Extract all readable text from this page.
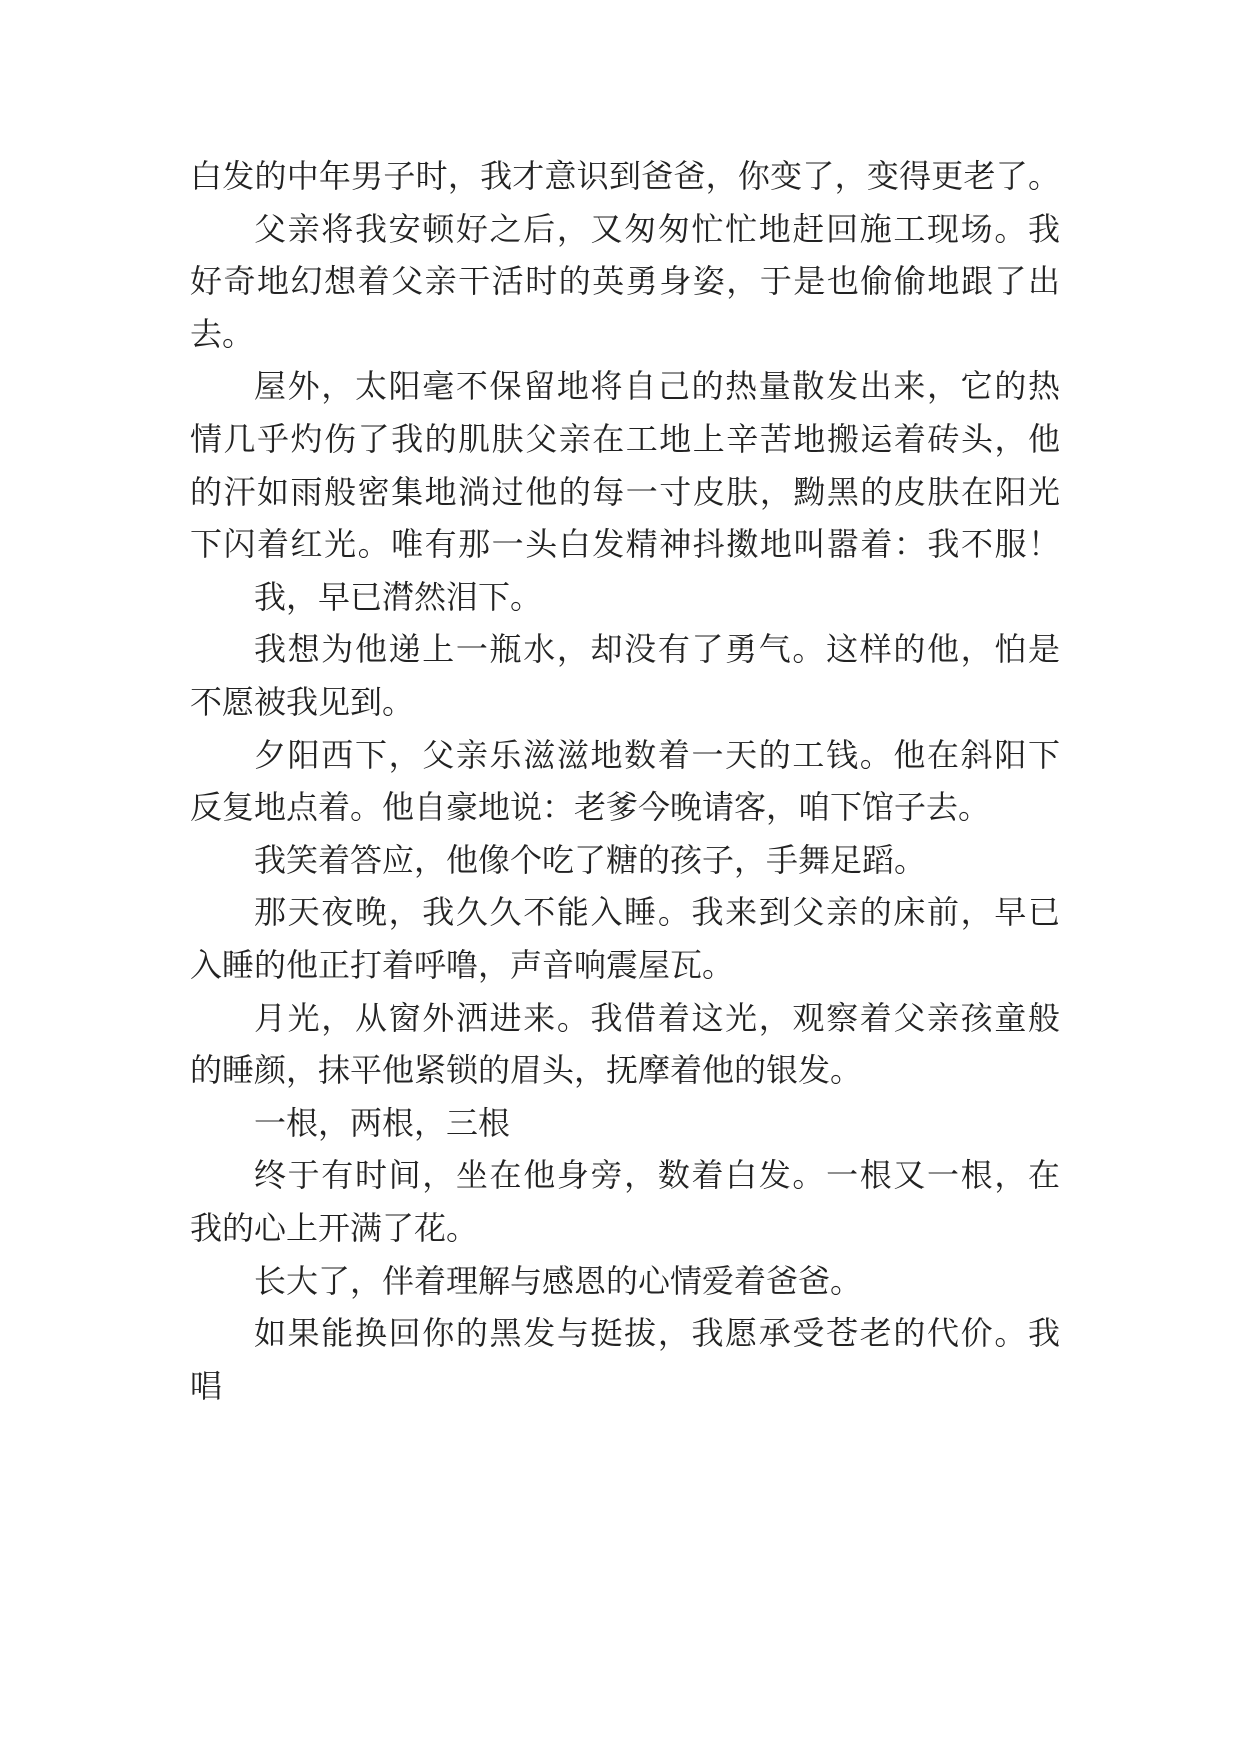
白发的中年男子时，我才意识到爸爸，你变了，变得更老了。
父亲将我安顿好之后，又匆匆忙忙地赶回施工现场。我
好奇地幻想着父亲干活时的英勇身姿，于是也偷偷地跟了出
去。
屋外，太阳毫不保留地将自己的热量散发出来，它的热
情几乎灼伤了我的肌肤父亲在工地上辛苦地搬运着砖头，他
的汗如雨般密集地淌过他的每一寸皮肤，黝黑的皮肤在阳光
下闪着红光。唯有那一头白发精神抖擞地叫嚣着：我不服！
我，早已潸然泪下。
我想为他递上一瓶水，却没有了勇气。这样的他，怕是
不愿被我见到。
夕阳西下，父亲乐滋滋地数着一天的工钱。他在斜阳下
反复地点着。他自豪地说：老爹今晚请客，咱下馆子去。
我笑着答应，他像个吃了糖的孩子，手舞足蹈。
那天夜晚，我久久不能入睡。我来到父亲的床前，早已
入睡的他正打着呼噜，声音响震屋瓦。
月光，从窗外洒进来。我借着这光，观察着父亲孩童般
的睡颜，抹平他紧锁的眉头，抚摩着他的银发。
一根，两根，三根
终于有时间，坐在他身旁，数着白发。一根又一根，在
我的心上开满了花。
长大了，伴着理解与感恩的心情爱着爸爸。
如果能换回你的黑发与挺拔，我愿承受苍老的代价。我
唱
